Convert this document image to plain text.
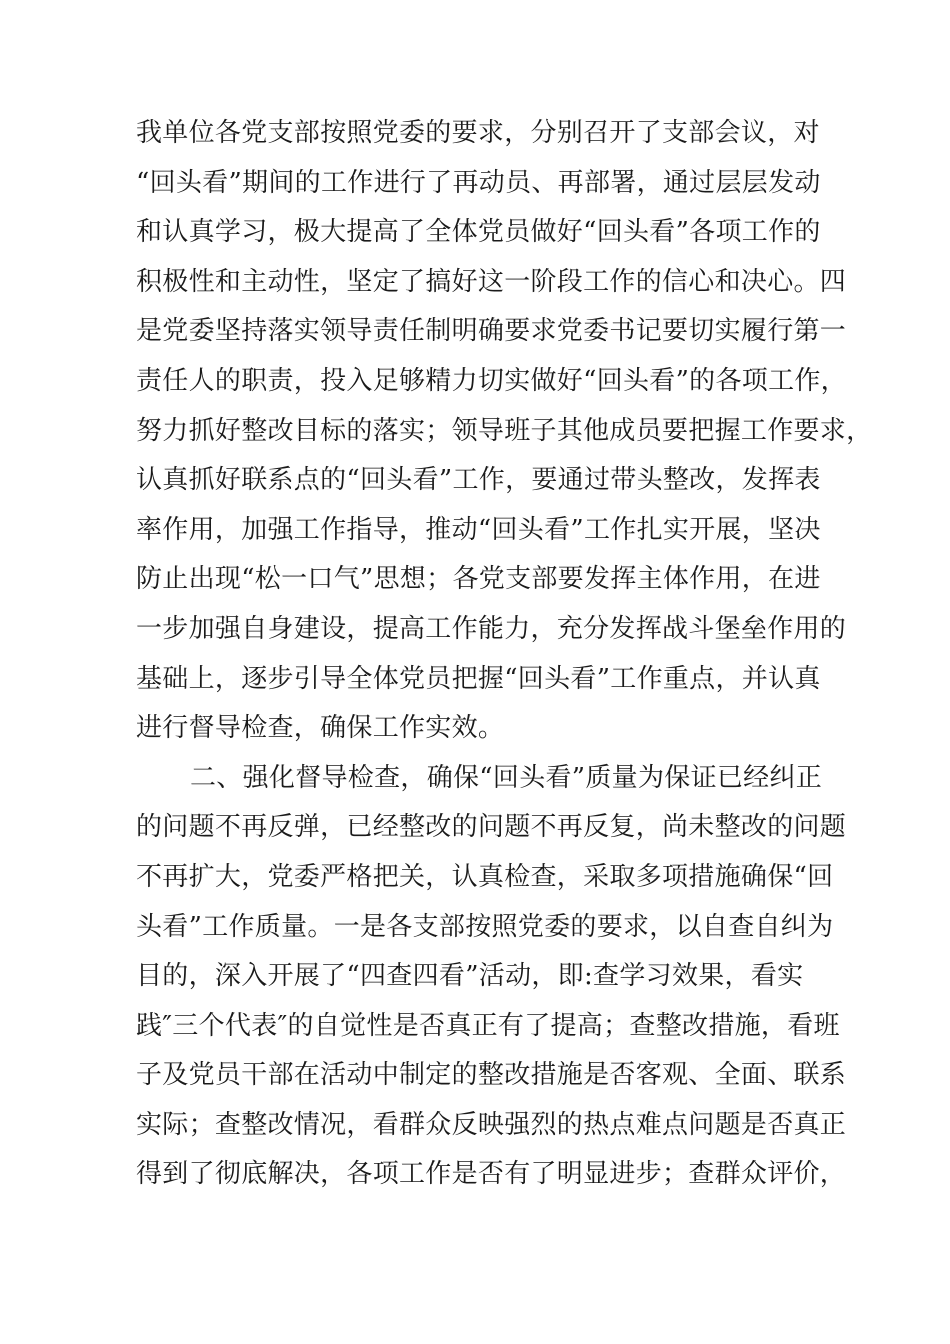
我单位各党支部按照党委的要求，分别召开了支部会议，对
“回头看”期间的工作进行了再动员、再部署，通过层层发动
和认真学习，极大提高了全体党员做好“回头看”各项工作的
积极性和主动性，坚定了搞好这一阶段工作的信心和决心。四
是党委坚持落实领导责任制明确要求党委书记要切实履行第一
责任人的职责，投入足够精力切实做好“回头看”的各项工作，
努力抓好整改目标的落实；领导班子其他成员要把握工作要求，
认真抓好联系点的“回头看”工作，要通过带头整改，发挥表
率作用，加强工作指导，推动“回头看”工作扎实开展，坚决
防止出现“松一口气”思想；各党支部要发挥主体作用，在进
一步加强自身建设，提高工作能力，充分发挥战斗堡垒作用的
基础上，逐步引导全体党员把握“回头看”工作重点，并认真
进行督导检查，确保工作实效。
二、强化督导检查，确保“回头看”质量为保证已经纠正
的问题不再反弹，已经整改的问题不再反复，尚未整改的问题
不再扩大，党委严格把关，认真检查，采取多项措施确保“回
头看”工作质量。一是各支部按照党委的要求，以自查自纠为
目的，深入开展了“四查四看”活动，即:查学习效果，看实
践″三个代表″的自觉性是否真正有了提高；查整改措施，看班
子及党员干部在活动中制定的整改措施是否客观、全面、联系
实际；查整改情况，看群众反映强烈的热点难点问题是否真正
得到了彻底解决，各项工作是否有了明显进步；查群众评价，
